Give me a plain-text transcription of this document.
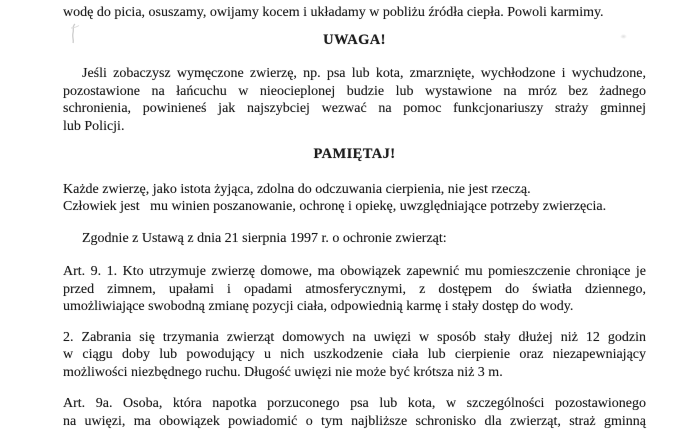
wodę do picia, osuszamy, owijamy kocem i układamy w pobliżu źródła ciepła. Powoli karmimy.
UWAGA!
Jeśli zobaczysz wymęczone zwierzę, np. psa lub kota, zmarznięte, wychłodzone i wychudzone,
pozostawione na łańcuchu w nieocieplonej budzie lub wystawione na mróz bez żadnego
schronienia, powinieneś jak najszybciej wezwać na pomoc funkcjonariuszy straży gminnej
lub Policji.
PAMIĘTAJ!
Każde zwierzę, jako istota żyjąca, zdolna do odczuwania cierpienia, nie jest rzeczą.
Człowiek jest   mu winien poszanowanie, ochronę i opiekę, uwzględniające potrzeby zwierzęcia.
Zgodnie z Ustawą z dnia 21 sierpnia 1997 r. o ochronie zwierząt:
Art. 9. 1. Kto utrzymuje zwierzę domowe, ma obowiązek zapewnić mu pomieszczenie chroniące je
przed zimnem, upałami i opadami atmosferycznymi, z dostępem do światła dziennego,
umożliwiające swobodną zmianę pozycji ciała, odpowiednią karmę i stały dostęp do wody.
2. Zabrania się trzymania zwierząt domowych na uwięzi w sposób stały dłużej niż 12 godzin
w ciągu doby lub powodujący u nich uszkodzenie ciała lub cierpienie oraz niezapewniający
możliwości niezbędnego ruchu. Długość uwięzi nie może być krótsza niż 3 m.
Art. 9a. Osoba, która napotka porzuconego psa lub kota, w szczególności pozostawionego
na uwięzi, ma obowiązek powiadomić o tym najbliższe schronisko dla zwierząt, straż gminną
